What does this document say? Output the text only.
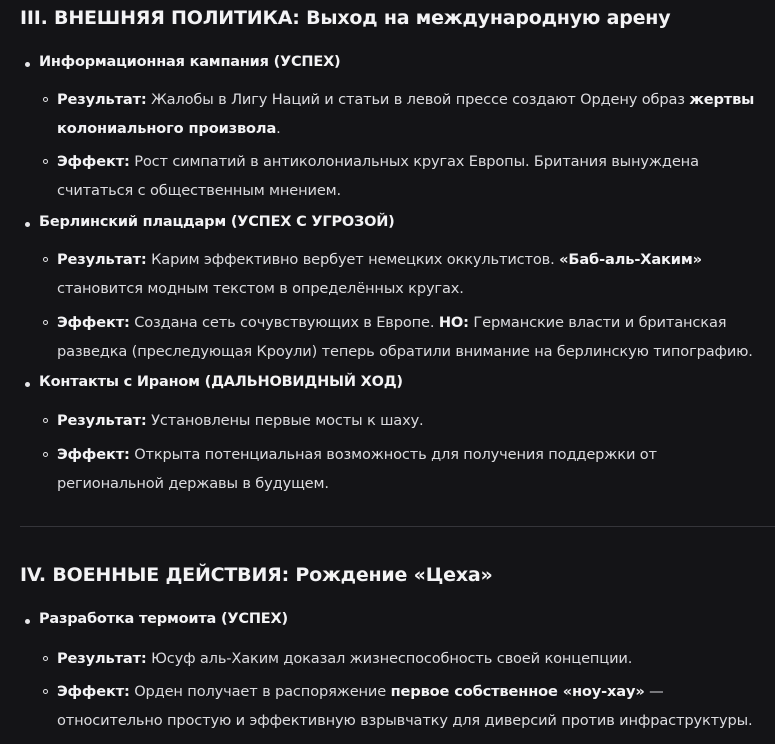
III. ВНЕШНЯЯ ПОЛИТИКА: Выход на международную арену
Информационная кампания (УСПЕХ)
Результат: Жалобы в Лигу Наций и статьи в левой прессе создают Ордену образ жертвы колониального произвола.
Эффект: Рост симпатий в антиколониальных кругах Европы. Британия вынуждена считаться с общественным мнением.
Берлинский плацдарм (УСПЕХ С УГРОЗОЙ)
Результат: Карим эффективно вербует немецких оккультистов. «Баб-аль-Хаким» становится модным текстом в определённых кругах.
Эффект: Создана сеть сочувствующих в Европе. НО: Германские власти и британская разведка (преследующая Кроули) теперь обратили внимание на берлинскую типографию.
Контакты с Ираном (ДАЛЬНОВИДНЫЙ ХОД)
Результат: Установлены первые мосты к шаху.
Эффект: Открыта потенциальная возможность для получения поддержки от региональной державы в будущем.
IV. ВОЕННЫЕ ДЕЙСТВИЯ: Рождение «Цеха»
Разработка термоита (УСПЕХ)
Результат: Юсуф аль-Хаким доказал жизнеспособность своей концепции.
Эффект: Орден получает в распоряжение первое собственное «ноу-хау» — относительно простую и эффективную взрывчатку для диверсий против инфраструктуры.
